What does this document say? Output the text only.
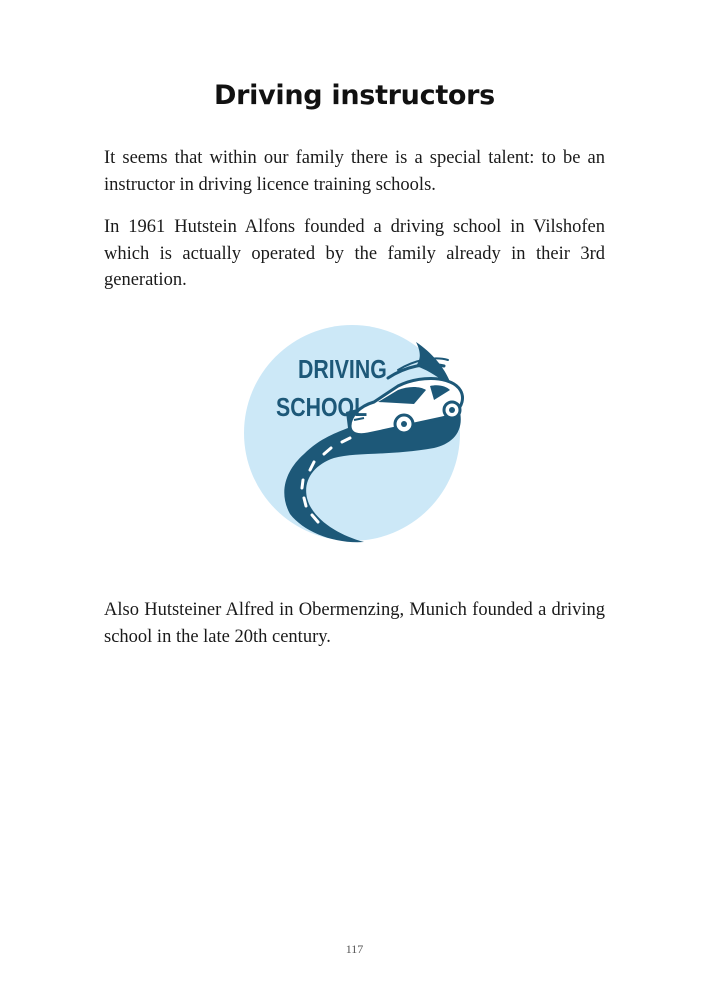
Driving instructors

It seems that within our family there is a special talent: to be an instructor in driving licence training schools.

In 1961 Hutstein Alfons founded a driving school in Vilshofen which is actually operated by the family already in their 3rd generation.

DRIVING
SCHOOL

Also Hutsteiner Alfred in Obermenzing, Munich founded a driving school in the late 20th century.

117
